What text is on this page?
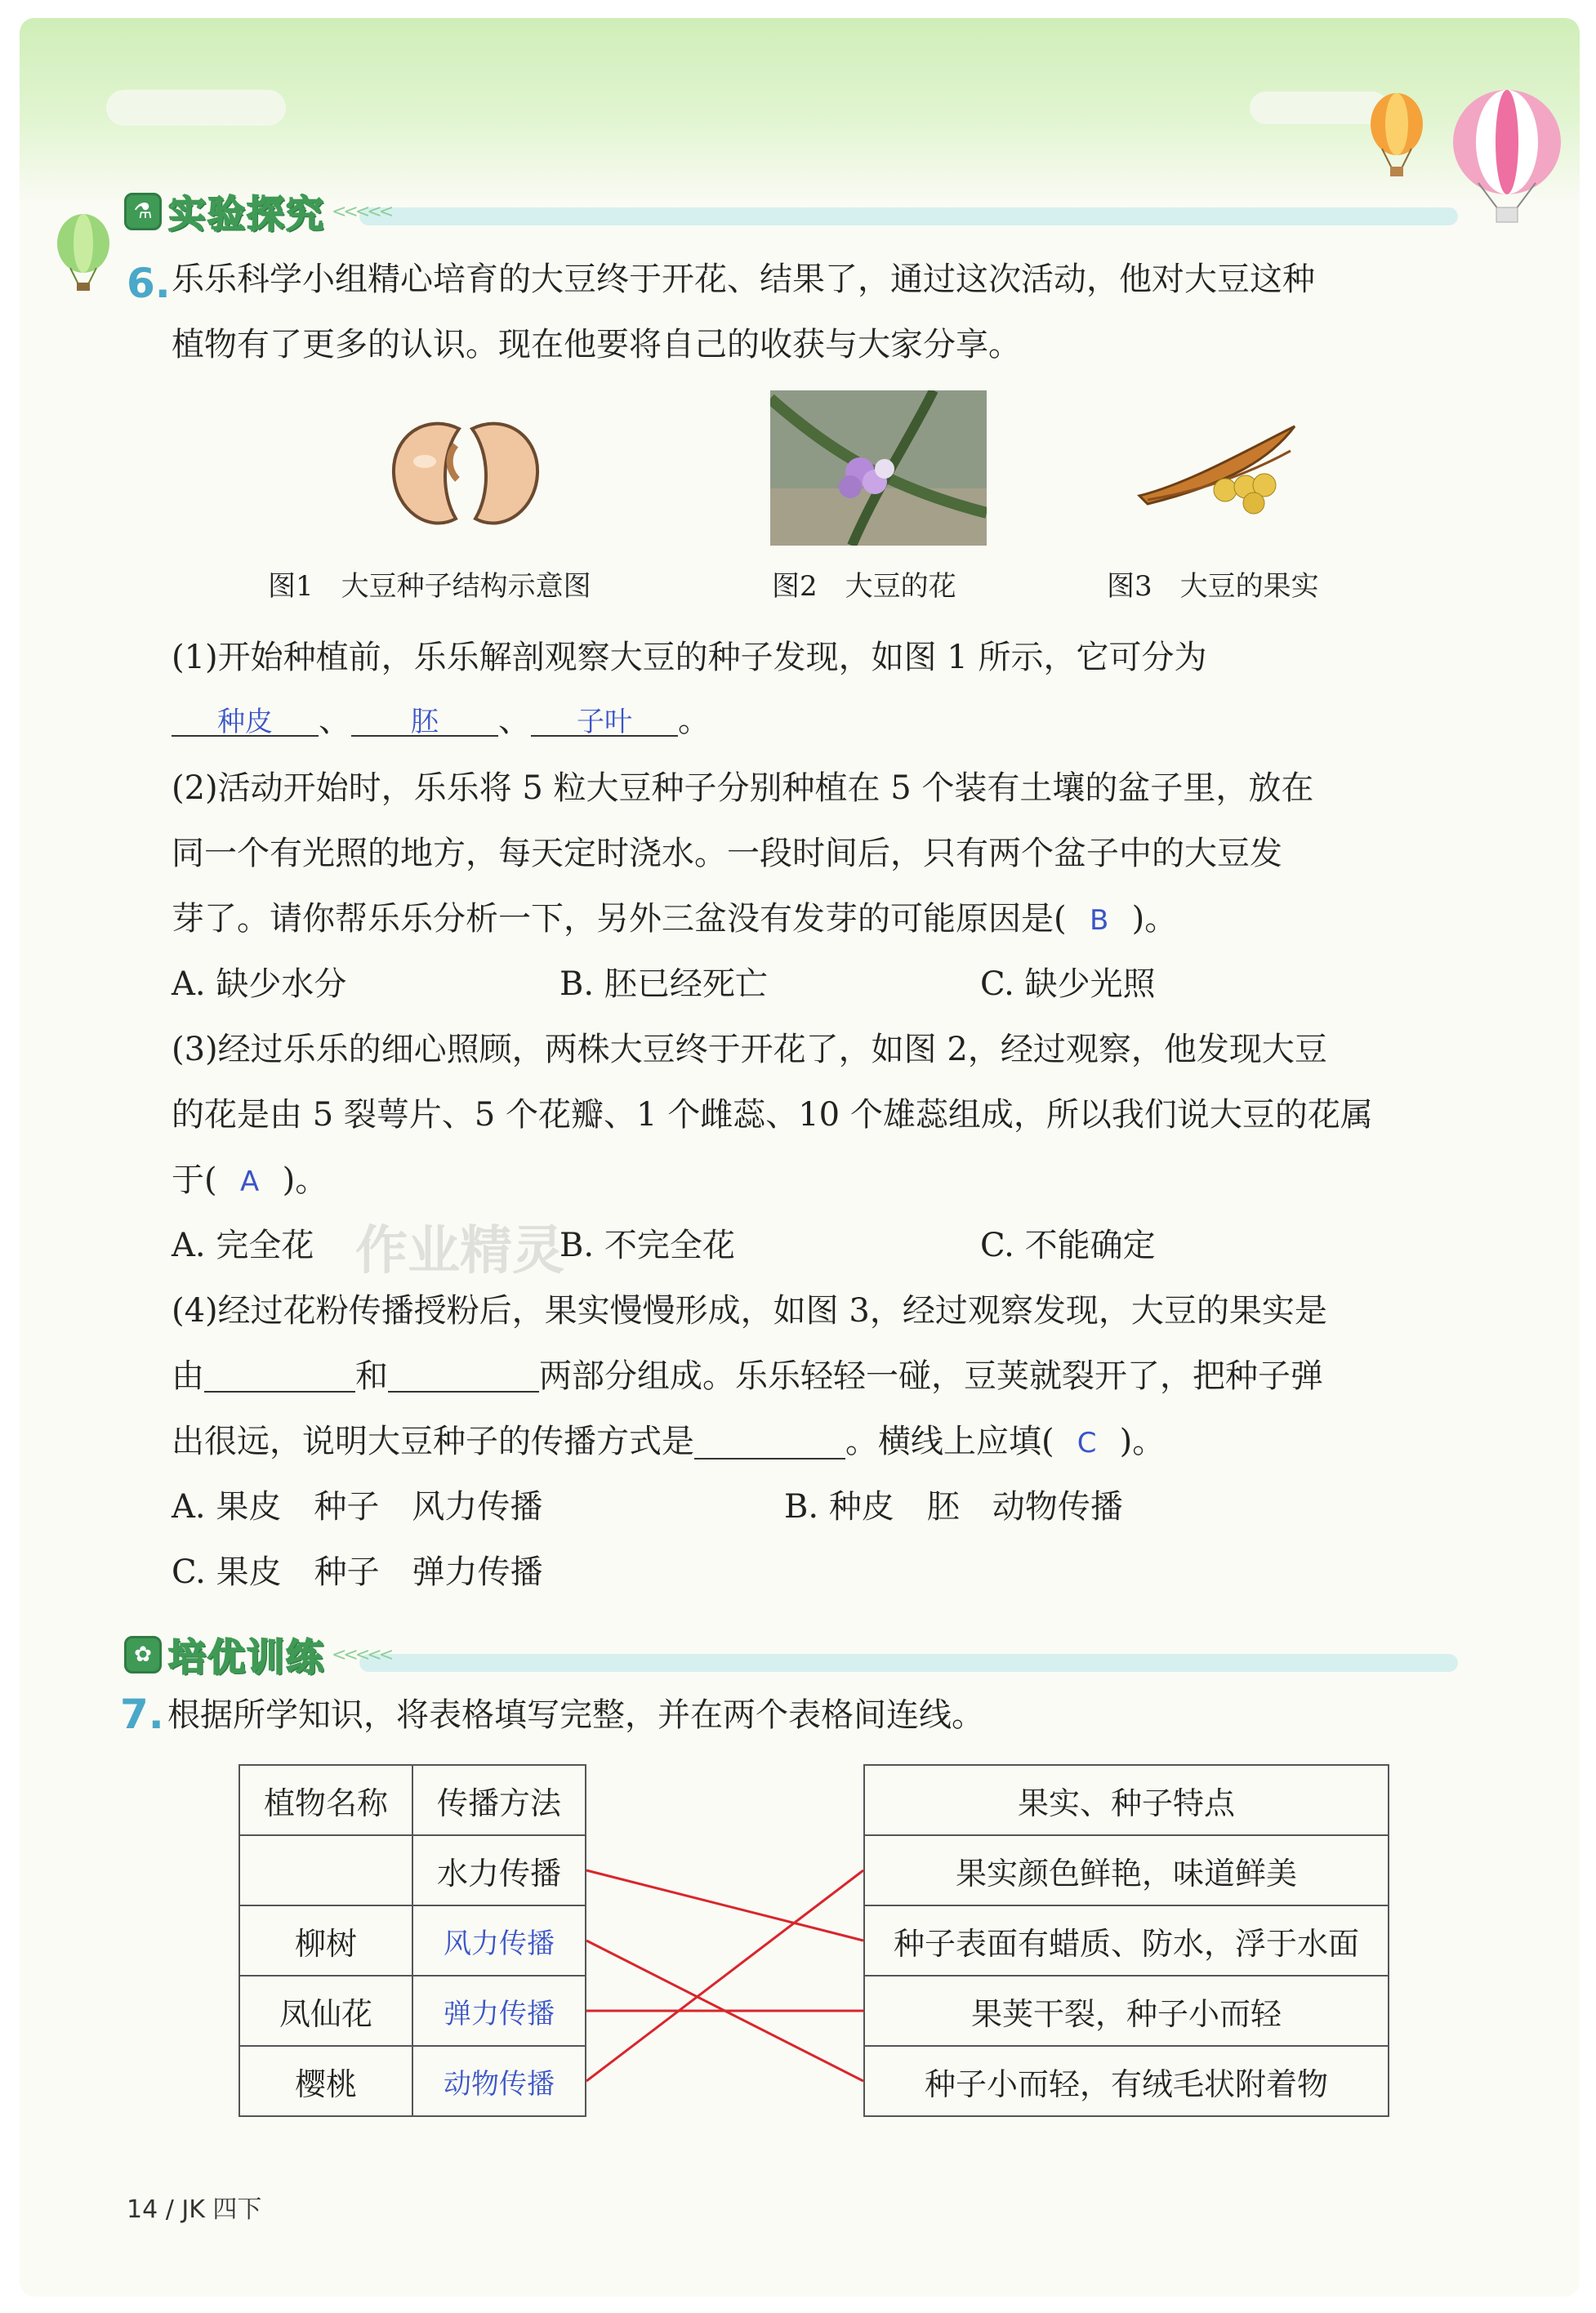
⚗ 实验探究 <<<<<
6. 乐乐科学小组精心培育的大豆终于开花、结果了，通过这次活动，他对大豆这种
植物有了更多的认识。现在他要将自己的收获与大家分享。
图1　大豆种子结构示意图	图2　大豆的花	图3　大豆的果实
(1)开始种植前，乐乐解剖观察大豆的种子发现，如图 1 所示，它可分为
种皮 、 胚 、 子叶 。
(2)活动开始时，乐乐将 5 粒大豆种子分别种植在 5 个装有土壤的盆子里，放在
同一个有光照的地方，每天定时浇水。一段时间后，只有两个盆子中的大豆发
芽了。请你帮乐乐分析一下，另外三盆没有发芽的可能原因是( B )。
A. 缺少水分	B. 胚已经死亡	C. 缺少光照
(3)经过乐乐的细心照顾，两株大豆终于开花了，如图 2，经过观察，他发现大豆
的花是由 5 裂萼片、5 个花瓣、1 个雌蕊、10 个雄蕊组成，所以我们说大豆的花属
于( A )。
A. 完全花	B. 不完全花	C. 不能确定
作业精灵
(4)经过花粉传播授粉后，果实慢慢形成，如图 3，经过观察发现，大豆的果实是
由	和	两部分组成。乐乐轻轻一碰，豆荚就裂开了，把种子弹
出很远，说明大豆种子的传播方式是	。横线上应填( C )。
A. 果皮　种子　风力传播	B. 种皮　胚　动物传播
C. 果皮　种子　弹力传播
✿ 培优训练 <<<<<
7. 根据所学知识，将表格填写完整，并在两个表格间连线。
植物名称	传播方法
	水力传播
柳树	风力传播
凤仙花	弹力传播
樱桃	动物传播
果实、种子特点
果实颜色鲜艳，味道鲜美
种子表面有蜡质、防水，浮于水面
果荚干裂，种子小而轻
种子小而轻，有绒毛状附着物
14 / JK 四下
